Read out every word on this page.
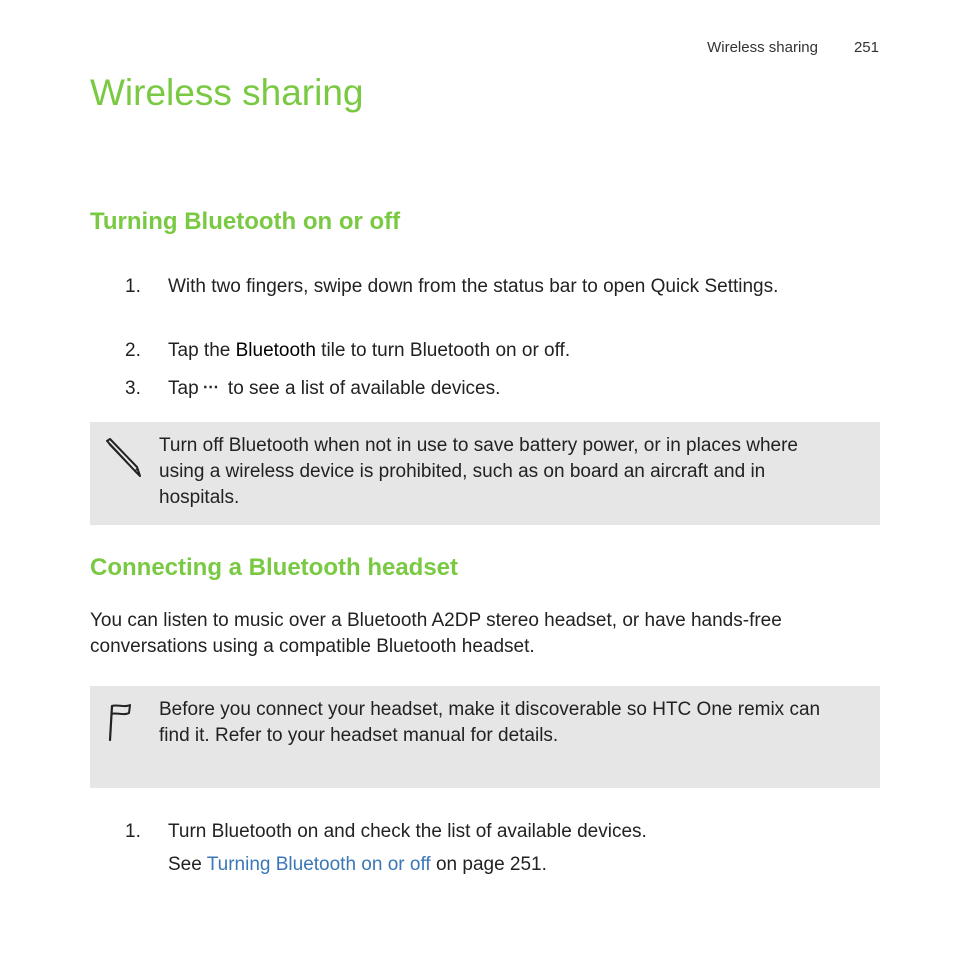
Wireless sharing 251
Wireless sharing
Turning Bluetooth on or off
1.	With two fingers, swipe down from the status bar to open Quick Settings.
2.	Tap the Bluetooth tile to turn Bluetooth on or off.
3.	Tap ⋯ to see a list of available devices.
Turn off Bluetooth when not in use to save battery power, or in places where using a wireless device is prohibited, such as on board an aircraft and in hospitals.
Connecting a Bluetooth headset
You can listen to music over a Bluetooth A2DP stereo headset, or have hands-free conversations using a compatible Bluetooth headset.
Before you connect your headset, make it discoverable so HTC One remix can find it. Refer to your headset manual for details.
1.	Turn Bluetooth on and check the list of available devices.
See Turning Bluetooth on or off on page 251.
